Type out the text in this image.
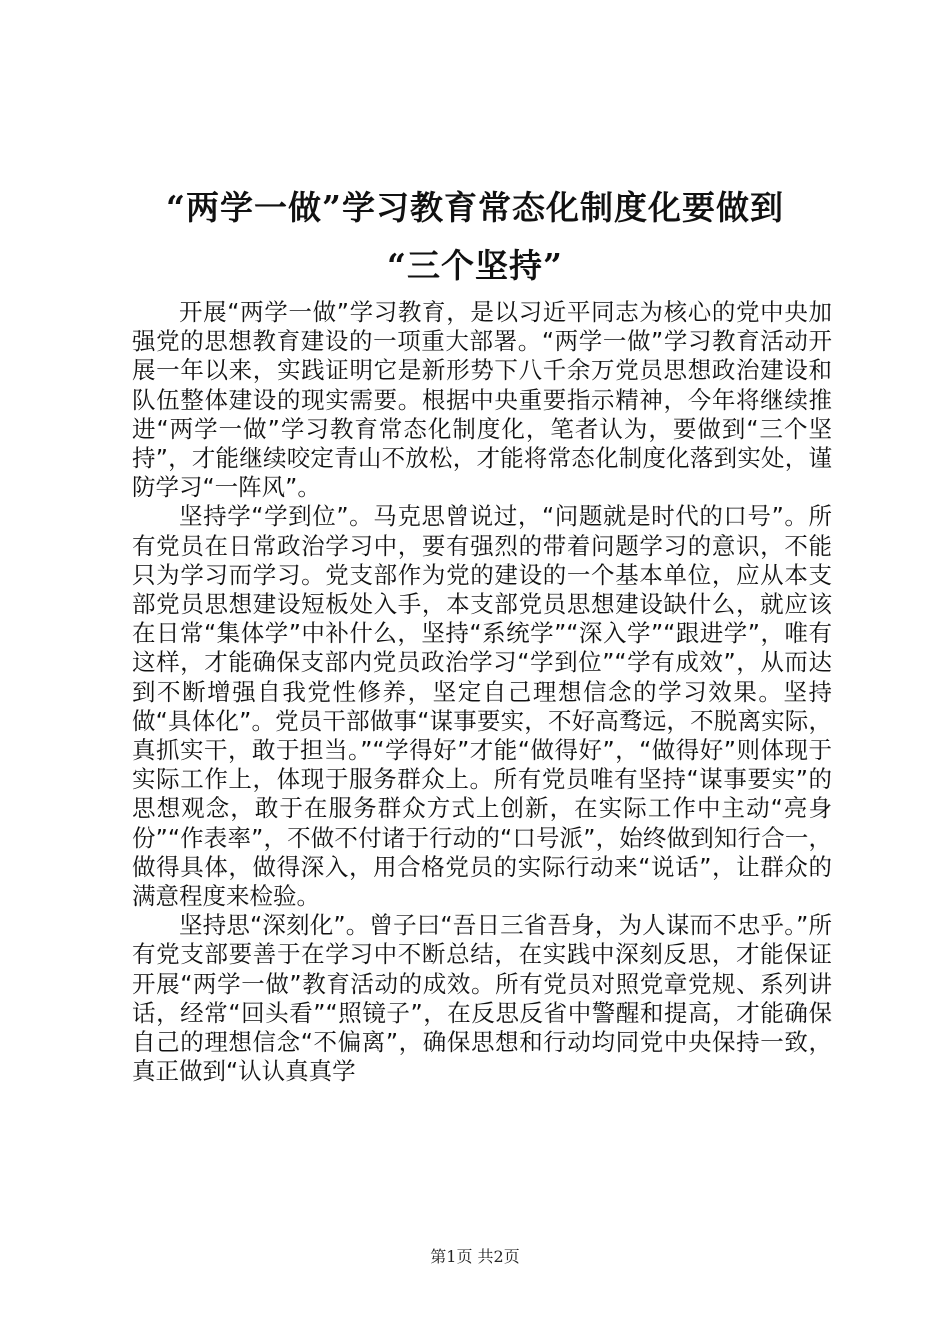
“两学一做”学习教育常态化制度化要做到
“三个坚持”

开展“两学一做”学习教育，是以习近平同志为核心的党中央加强党的思想教育建设的一项重大部署。“两学一做”学习教育活动开展一年以来，实践证明它是新形势下八千余万党员思想政治建设和队伍整体建设的现实需要。根据中央重要指示精神，今年将继续推进“两学一做”学习教育常态化制度化，笔者认为，要做到“三个坚持”，才能继续咬定青山不放松，才能将常态化制度化落到实处，谨防学习“一阵风”。

坚持学“学到位”。马克思曾说过，“问题就是时代的口号”。所有党员在日常政治学习中，要有强烈的带着问题学习的意识，不能只为学习而学习。党支部作为党的建设的一个基本单位，应从本支部党员思想建设短板处入手，本支部党员思想建设缺什么，就应该在日常“集体学”中补什么，坚持“系统学”“深入学”“跟进学”，唯有这样，才能确保支部内党员政治学习“学到位”“学有成效”，从而达到不断增强自我党性修养，坚定自己理想信念的学习效果。坚持做“具体化”。党员干部做事“谋事要实，不好高骛远，不脱离实际，真抓实干，敢于担当。”“学得好”才能“做得好”，“做得好”则体现于实际工作上，体现于服务群众上。所有党员唯有坚持“谋事要实”的思想观念，敢于在服务群众方式上创新，在实际工作中主动“亮身份”“作表率”，不做不付诸于行动的“口号派”，始终做到知行合一，做得具体，做得深入，用合格党员的实际行动来“说话”，让群众的满意程度来检验。

坚持思“深刻化”。曾子曰“吾日三省吾身，为人谋而不忠乎。”所有党支部要善于在学习中不断总结，在实践中深刻反思，才能保证开展“两学一做”教育活动的成效。所有党员对照党章党规、系列讲话，经常“回头看”“照镜子”，在反思反省中警醒和提高，才能确保自己的理想信念“不偏离”，确保思想和行动均同党中央保持一致，真正做到“认认真真学

第1页 共2页
